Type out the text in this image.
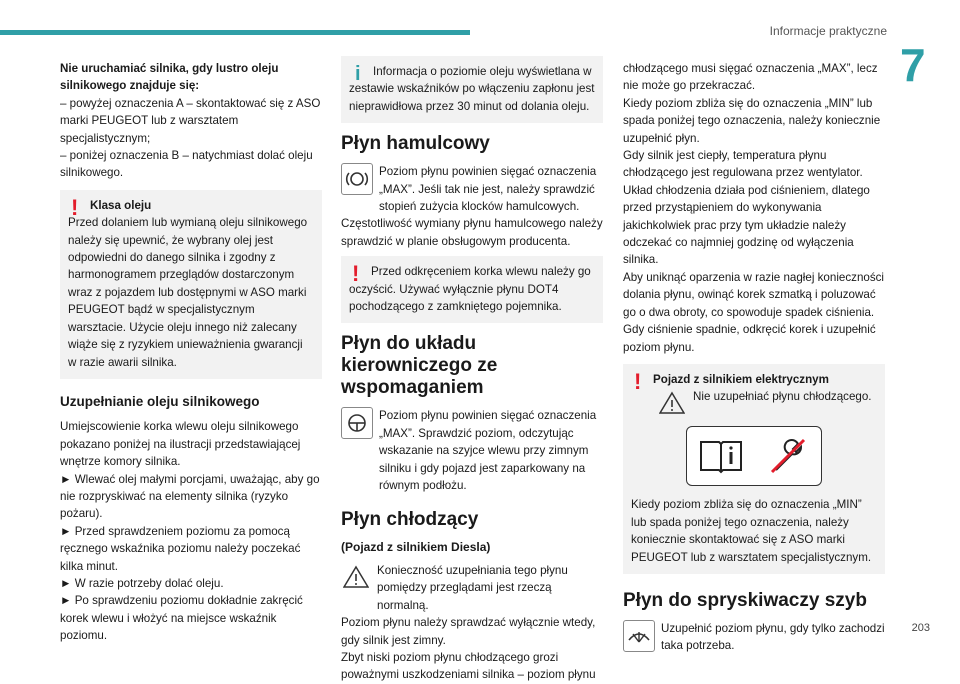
Informacje praktyczne
7

Nie uruchamiać silnika, gdy lustro oleju silnikowego znajduje się:

– powyżej oznaczenia A – skontaktować się z ASO marki PEUGEOT lub z warsztatem specjalistycznym;

– poniżej oznaczenia B – natychmiast dolać oleju silnikowego.

!	Klasa oleju

Przed dolaniem lub wymianą oleju silnikowego należy się upewnić, że wybrany olej jest odpowiedni do danego silnika i zgodny z harmonogramem przeglądów dostarczonym wraz z pojazdem lub dostępnymi w ASO marki PEUGEOT bądź w specjalistycznym warsztacie. Użycie oleju innego niż zalecany wiąże się z ryzykiem unieważnienia gwarancji w razie awarii silnika.

Uzupełnianie oleju silnikowego

Umiejscowienie korka wlewu oleju silnikowego pokazano poniżej na ilustracji przedstawiającej wnętrze komory silnika.

► Wlewać olej małymi porcjami, uważając, aby go nie rozpryskiwać na elementy silnika (ryzyko pożaru).

► Przed sprawdzeniem poziomu za pomocą ręcznego wskaźnika poziomu należy poczekać kilka minut.

► W razie potrzeby dolać oleju.

► Po sprawdzeniu poziomu dokładnie zakręcić korek wlewu i włożyć na miejsce wskaźnik poziomu.

i	Informacja o poziomie oleju wyświetlana w zestawie wskaźników po włączeniu zapłonu jest nieprawidłowa przez 30 minut od dolania oleju.

Płyn hamulcowy

Poziom płynu powinien sięgać oznaczenia „MAX”. Jeśli tak nie jest, należy sprawdzić stopień zużycia klocków hamulcowych.

Częstotliwość wymiany płynu hamulcowego należy sprawdzić w planie obsługowym producenta.

!	Przed odkręceniem korka wlewu należy go oczyścić. Używać wyłącznie płynu DOT4 pochodzącego z zamkniętego pojemnika.

Płyn do układu kierowniczego ze wspomaganiem

Poziom płynu powinien sięgać oznaczenia „MAX”. Sprawdzić poziom, odczytując wskazanie na szyjce wlewu przy zimnym silniku i gdy pojazd jest zaparkowany na równym podłożu.

Płyn chłodzący
(Pojazd z silnikiem Diesla)

Konieczność uzupełniania tego płynu pomiędzy przeglądami jest rzeczą normalną.

Poziom płynu należy sprawdzać wyłącznie wtedy, gdy silnik jest zimny.

Zbyt niski poziom płynu chłodzącego grozi poważnymi uszkodzeniami silnika – poziom płynu

chłodzącego musi sięgać oznaczenia „MAX”, lecz nie może go przekraczać.

Kiedy poziom zbliża się do oznaczenia „MIN” lub spada poniżej tego oznaczenia, należy koniecznie uzupełnić płyn.

Gdy silnik jest ciepły, temperatura płynu chłodzącego jest regulowana przez wentylator.

Układ chłodzenia działa pod ciśnieniem, dlatego przed przystąpieniem do wykonywania jakichkolwiek prac przy tym układzie należy odczekać co najmniej godzinę od wyłączenia silnika.

Aby uniknąć oparzenia w razie nagłej konieczności dolania płynu, owinąć korek szmatką i poluzować go o dwa obroty, co spowoduje spadek ciśnienia.

Gdy ciśnienie spadnie, odkręcić korek i uzupełnić poziom płynu.

!	Pojazd z silnikiem elektrycznym

Nie uzupełniać płynu chłodzącego.

Kiedy poziom zbliża się do oznaczenia „MIN” lub spada poniżej tego oznaczenia, należy koniecznie skontaktować się z ASO marki PEUGEOT lub z warsztatem specjalistycznym.

Płyn do spryskiwaczy szyb

Uzupełnić poziom płynu, gdy tylko zachodzi taka potrzeba.

203
